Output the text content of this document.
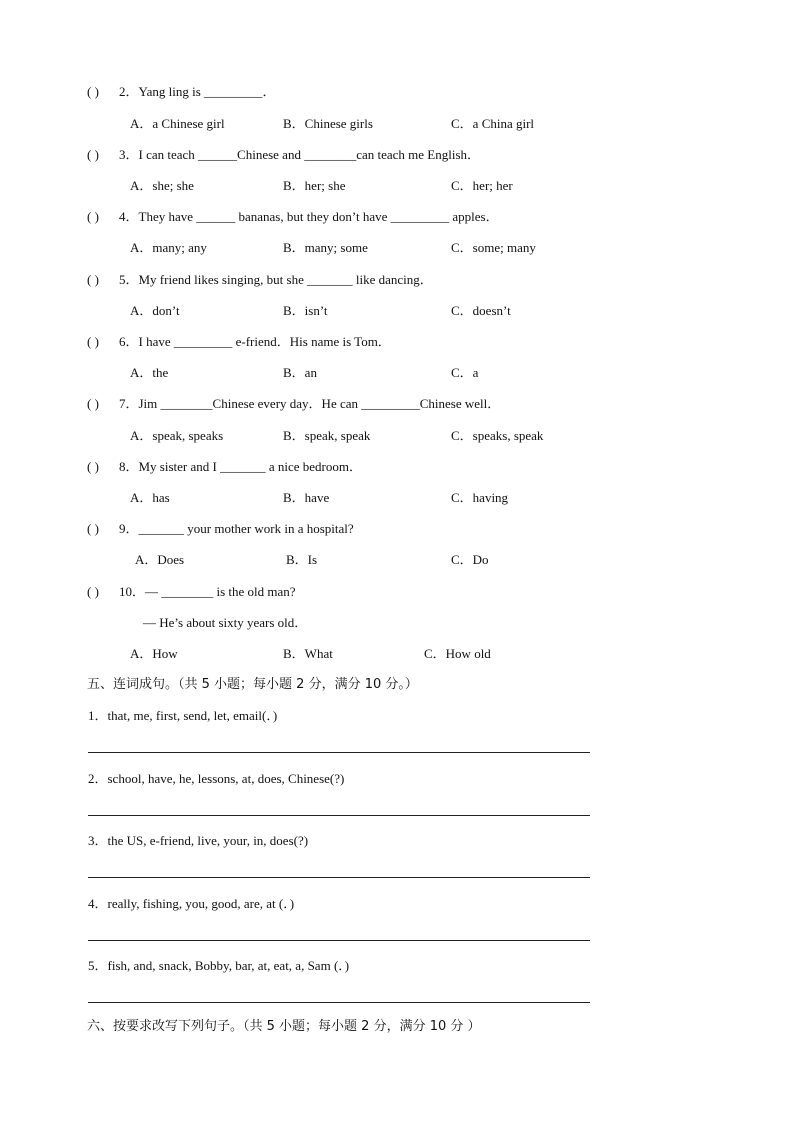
( ) 2．Yang ling is _________．
A．a Chinese girl	B．Chinese girls	C．a China girl
( ) 3．I can teach ______Chinese and ________can teach me English．
A．she; she	B．her; she	C．her; her
( ) 4．They have ______ bananas, but they don’t have _________ apples．
A．many; any	B．many; some	C．some; many
( ) 5．My friend likes singing, but she _______ like dancing．
A．don’t	B．isn’t	C．doesn’t
( ) 6．I have _________ e-friend．His name is Tom．
A．the	B．an	C．a
( ) 7．Jim ________Chinese every day．He can _________Chinese well．
A．speak, speaks	B．speak, speak	C．speaks, speak
( ) 8．My sister and I _______ a nice bedroom．
A．has	B．have	C．having
( ) 9．_______ your mother work in a hospital?
A．Does	B．Is	C．Do
( ) 10．— ________ is the old man?
— He’s about sixty years old．
A．How	B．What	C．How old
五、连词成句。（共 5 小题；每小题 2 分，满分 10 分。）
1．that, me, first, send, let, email(．)
2．school, have, he, lessons, at, does, Chinese(?)
3．the US, e-friend, live, your, in, does(?)
4．really, fishing, you, good, are, at (．)
5．fish, and, snack, Bobby, bar, at, eat, a, Sam (．)
六、按要求改写下列句子。（共 5 小题；每小题 2 分，满分 10 分 ）
